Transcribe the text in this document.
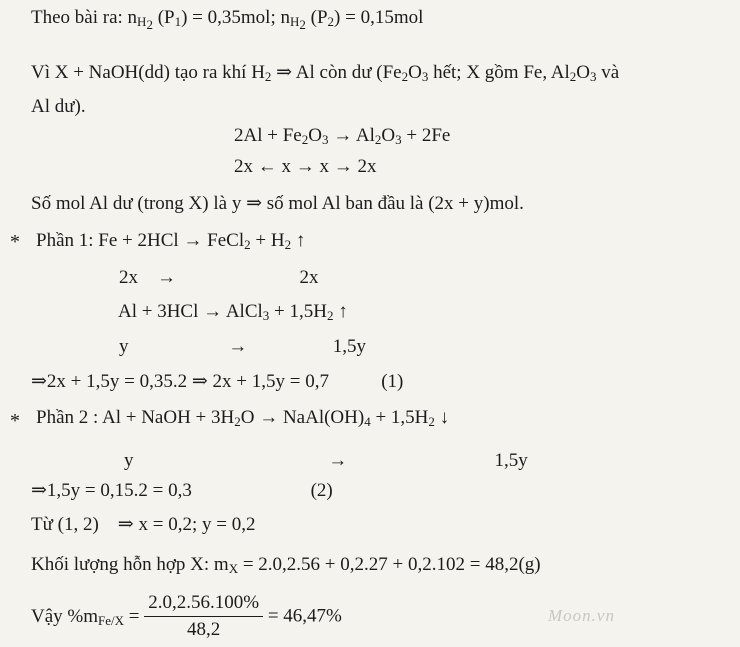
Theo bài ra: $n_{H_2}$ $(P_1) = 0,35mol$; $n_{H_2}$ $(P_2) = 0,15mol$
Vì X + NaOH(dd) tạo ra khí $H_2$ ⇒ Al còn dư ($Fe_2O_3$ hết; X gồm Fe, $Al_2O_3$ và
Al dư).
$2Al + Fe_2O_3 \to Al_2O_3 + 2Fe$
2x ← x → x → 2x
Số mol Al dư (trong X) là y ⇒ số mol Al ban đầu là (2x + y)mol.
* Phần 1: Fe + 2HCl → FeCl$_2$ + $H_2$ ↑
2x    →                          2x
Al + 3HCl → AlCl$_3$ + $1,5H_2$ ↑
y                     →                  1,5y
⇒2x + 1,5y = 0,35.2 ⇒ 2x + 1,5y = 0,7           (1)
* Phần 2 : Al + NaOH + $3H_2O$ → $NaAl(OH)_4 + 1,5H_2$ ↓
y                                         →                               1,5y
⇒1,5y = 0,15.2 = 0,3                         (2)
Từ (1, 2)    ⇒ x = 0,2; y = 0,2
Khối lượng hỗn hợp X: $m_X = 2.0,2.56 + 0,2.27 + 0,2.102 = 48,2(g)$
Vậy $\%m_{Fe/X} = \frac{2.0,2.56.100\%}{48,2} = 46,47\%$	Moon.vn
